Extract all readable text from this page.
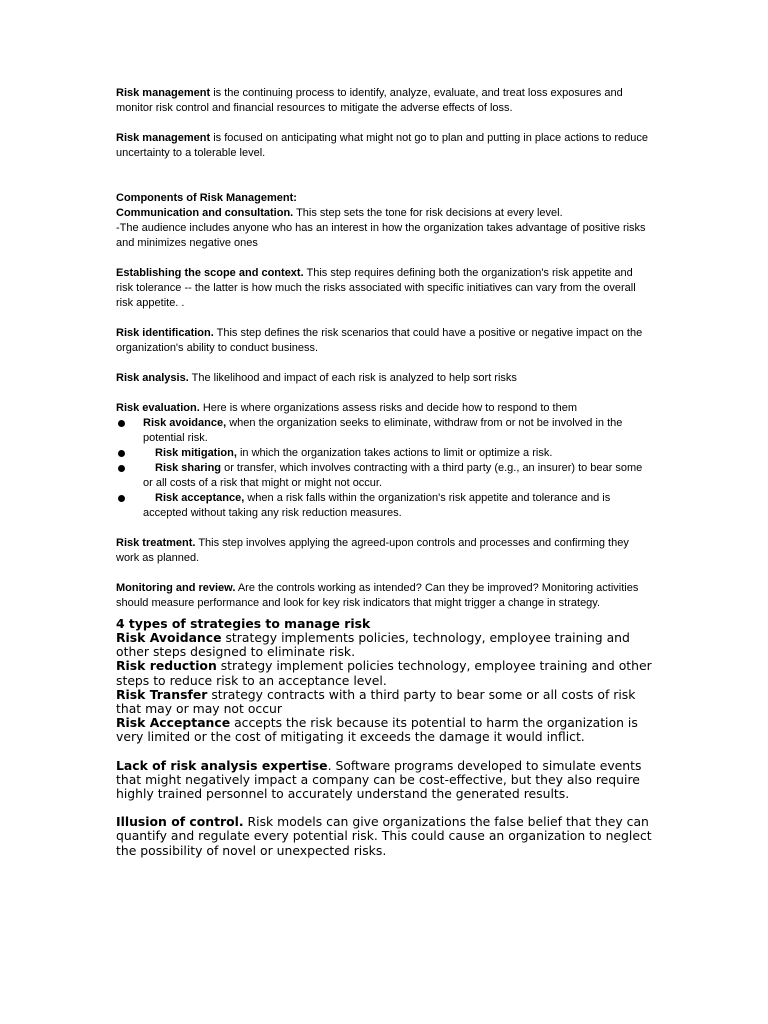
Risk management is the continuing process to identify, analyze, evaluate, and treat loss exposures and monitor risk control and financial resources to mitigate the adverse effects of loss.

Risk management is focused on anticipating what might not go to plan and putting in place actions to reduce uncertainty to a tolerable level.

Components of Risk Management:

Communication and consultation. This step sets the tone for risk decisions at every level.

-The audience includes anyone who has an interest in how the organization takes advantage of positive risks and minimizes negative ones

Establishing the scope and context. This step requires defining both the organization's risk appetite and risk tolerance -- the latter is how much the risks associated with specific initiatives can vary from the overall risk appetite. .

Risk identification. This step defines the risk scenarios that could have a positive or negative impact on the organization's ability to conduct business.

Risk analysis. The likelihood and impact of each risk is analyzed to help sort risks

Risk evaluation. Here is where organizations assess risks and decide how to respond to them

Risk avoidance, when the organization seeks to eliminate, withdraw from or not be involved in the potential risk.
Risk mitigation, in which the organization takes actions to limit or optimize a risk.
Risk sharing or transfer, which involves contracting with a third party (e.g., an insurer) to bear some or all costs of a risk that might or might not occur.
Risk acceptance, when a risk falls within the organization's risk appetite and tolerance and is accepted without taking any risk reduction measures.

Risk treatment. This step involves applying the agreed-upon controls and processes and confirming they work as planned.

Monitoring and review. Are the controls working as intended? Can they be improved? Monitoring activities should measure performance and look for key risk indicators that might trigger a change in strategy.

4 types of strategies to manage risk

Risk Avoidance strategy implements policies, technology, employee training and other steps designed to eliminate risk.

Risk reduction strategy implement policies technology, employee training and other steps to reduce risk to an acceptance level.

Risk Transfer strategy contracts with a third party to bear some or all costs of risk that may or may not occur

Risk Acceptance accepts the risk because its potential to harm the organization is very limited or the cost of mitigating it exceeds the damage it would inflict.

Lack of risk analysis expertise. Software programs developed to simulate events that might negatively impact a company can be cost-effective, but they also require highly trained personnel to accurately understand the generated results.

Illusion of control. Risk models can give organizations the false belief that they can quantify and regulate every potential risk. This could cause an organization to neglect the possibility of novel or unexpected risks.
